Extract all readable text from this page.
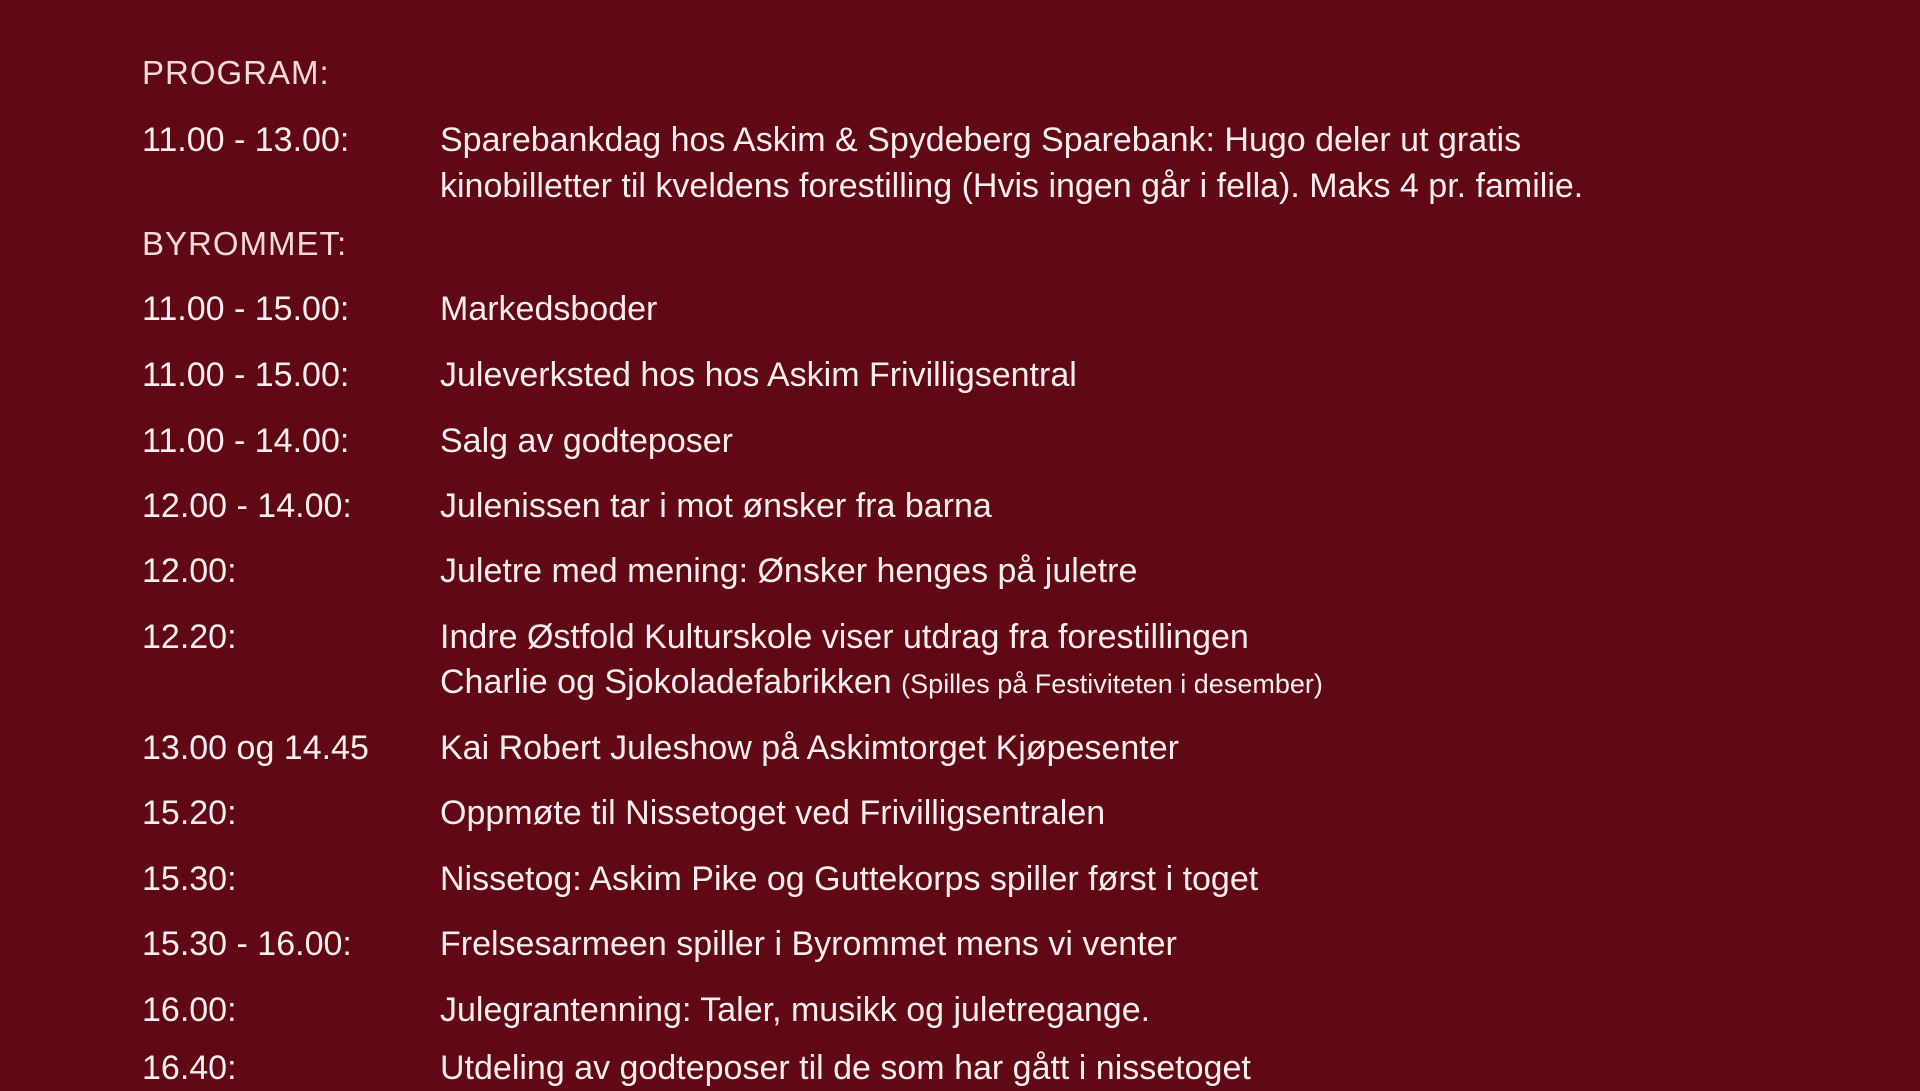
PROGRAM:
11.00 - 13.00:	Sparebankdag hos Askim & Spydeberg Sparebank: Hugo deler ut gratis
kinobilletter til kveldens forestilling (Hvis ingen går i fella). Maks 4 pr. familie.
BYROMMET:
11.00 - 15.00:	Markedsboder
11.00 - 15.00:	Juleverksted hos hos Askim Frivilligsentral
11.00 - 14.00:	Salg av godteposer
12.00 - 14.00:	Julenissen tar i mot ønsker fra barna
12.00:	Juletre med mening: Ønsker henges på juletre
12.20:	Indre Østfold Kulturskole viser utdrag fra forestillingen
Charlie og Sjokoladefabrikken (Spilles på Festiviteten i desember)
13.00 og 14.45 Kai Robert Juleshow på Askimtorget Kjøpesenter
15.20:	Oppmøte til Nissetoget ved Frivilligsentralen
15.30:	Nissetog: Askim Pike og Guttekorps spiller først i toget
15.30 - 16.00:	Frelsesarmeen spiller i Byrommet mens vi venter
16.00:	Julegrantenning: Taler, musikk og juletregange.
16.40:	Utdeling av godteposer til de som har gått i nissetoget
